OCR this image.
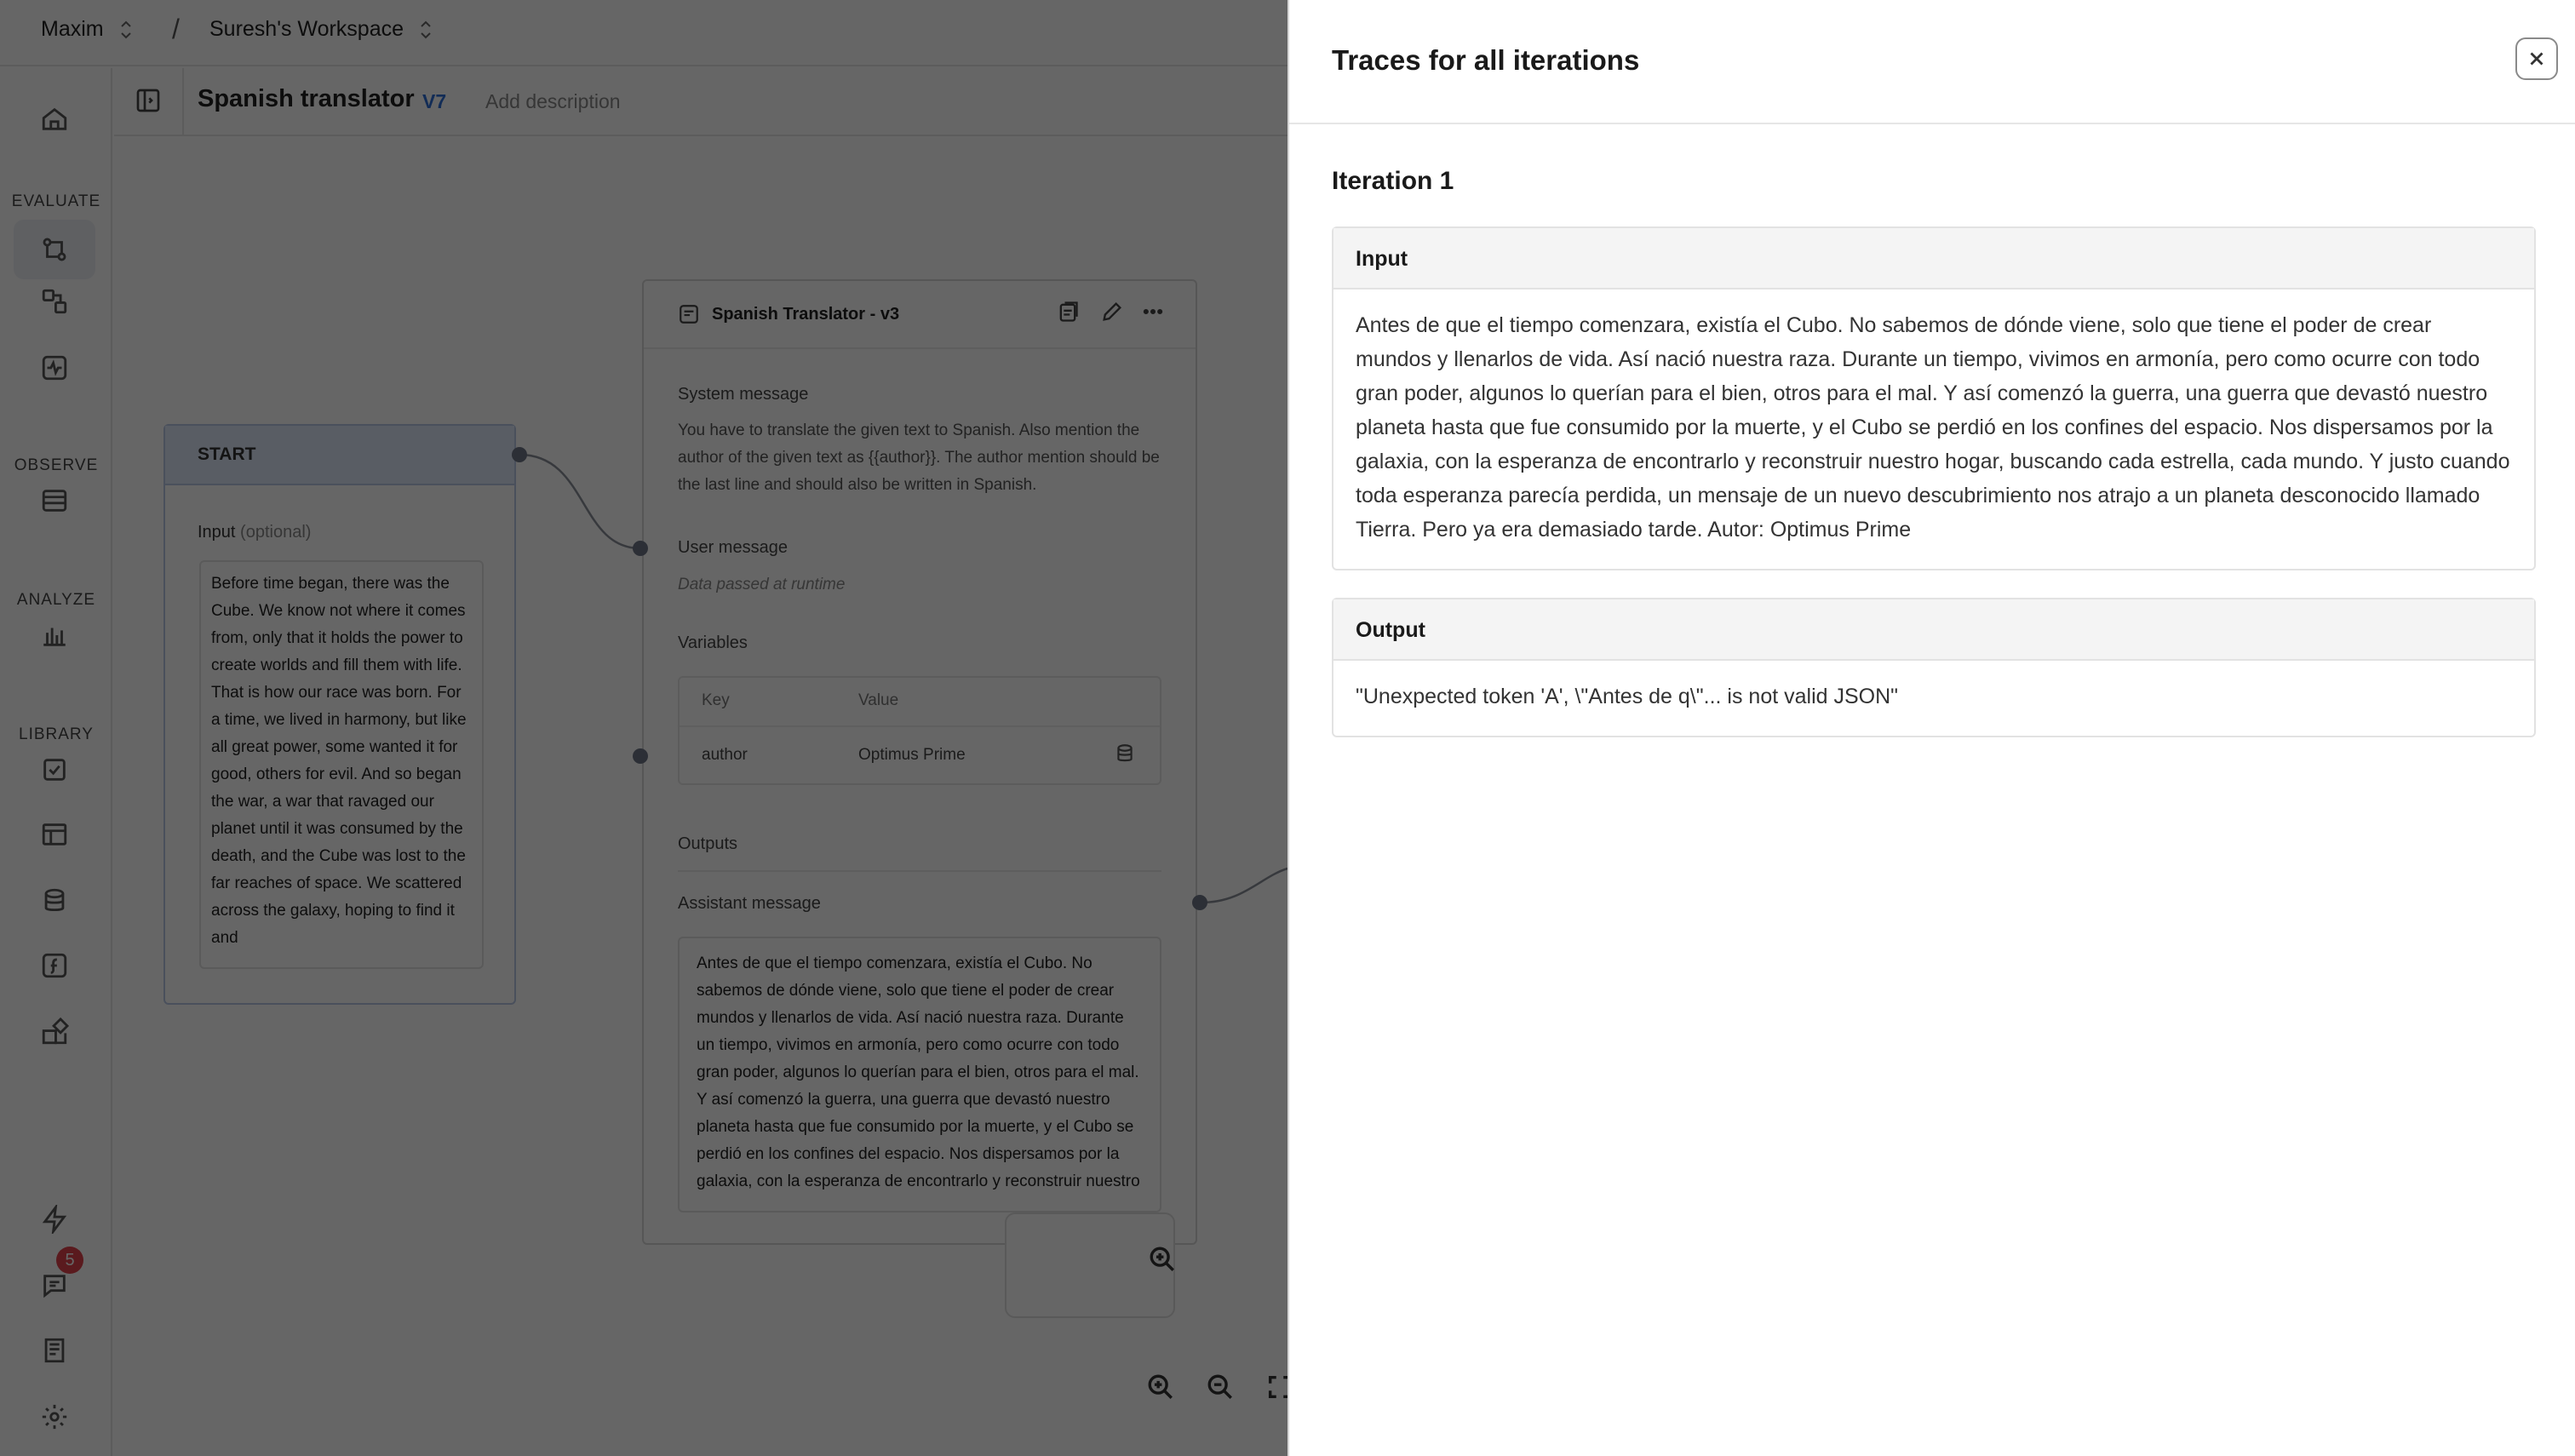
Traces for all iterations
Iteration 1
Input
Antes de que el tiempo comenzara, existía el Cubo. No sabemos de dónde viene, solo que tiene el poder de crear mundos y llenarlos de vida. Así nació nuestra raza. Durante un tiempo, vivimos en armonía, pero como ocurre con todo gran poder, algunos lo querían para el bien, otros para el mal. Y así comenzó la guerra, una guerra que devastó nuestro planeta hasta que fue consumido por la muerte, y el Cubo se perdió en los confines del espacio. Nos dispersamos por la galaxia, con la esperanza de encontrarlo y reconstruir nuestro hogar, buscando cada estrella, cada mundo. Y justo cuando toda esperanza parecía perdida, un mensaje de un nuevo descubrimiento nos atrajo a un planeta desconocido llamado Tierra. Pero ya era demasiado tarde. Autor: Optimus Prime
Output
"Unexpected token 'A', \"Antes de q\"... is not valid JSON"
